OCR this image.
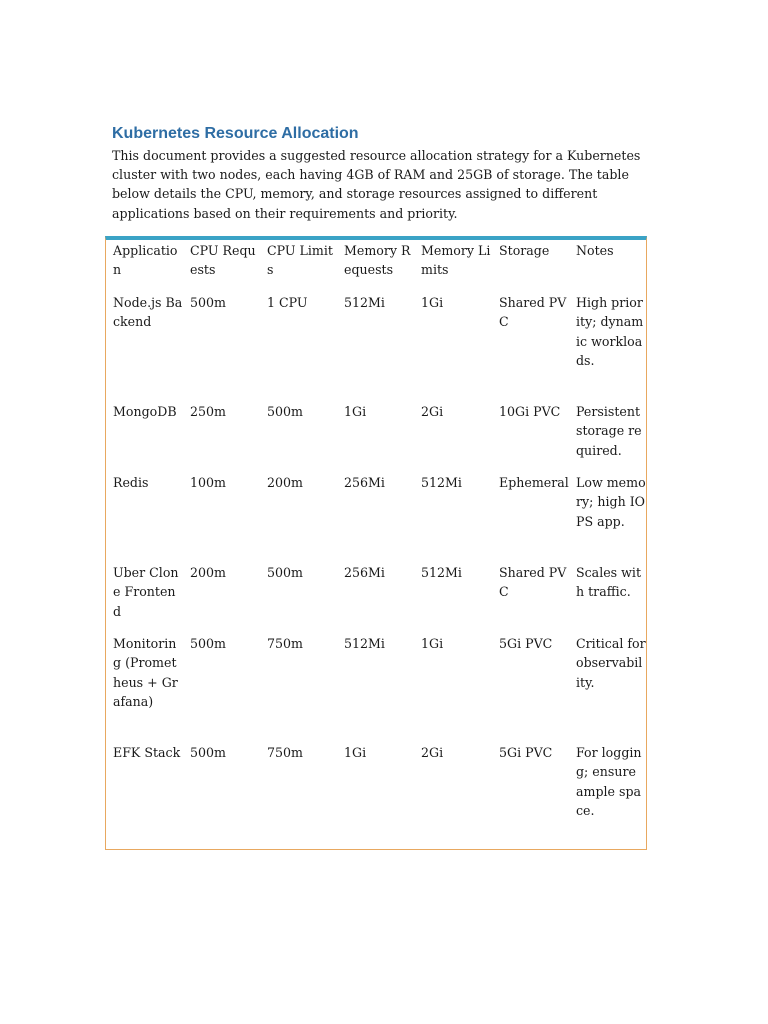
Kubernetes Resource Allocation

This document provides a suggested resource allocation strategy for a Kubernetes cluster with two nodes, each having 4GB of RAM and 25GB of storage. The table below details the CPU, memory, and storage resources assigned to different applications based on their requirements and priority.

Application	CPU Requests	CPU Limits	Memory Requests	Memory Limits	Storage	Notes
Node.js Backend	500m	1 CPU	512Mi	1Gi	Shared PVC	High priority; dynamic workloads.
MongoDB	250m	500m	1Gi	2Gi	10Gi PVC	Persistent storage required.
Redis	100m	200m	256Mi	512Mi	Ephemeral	Low memory; high IOPS app.
Uber Clone Frontend	200m	500m	256Mi	512Mi	Shared PVC	Scales with traffic.
Monitoring (Prometheus + Grafana)	500m	750m	512Mi	1Gi	5Gi PVC	Critical for observability.
EFK Stack	500m	750m	1Gi	2Gi	5Gi PVC	For logging; ensure ample space.
